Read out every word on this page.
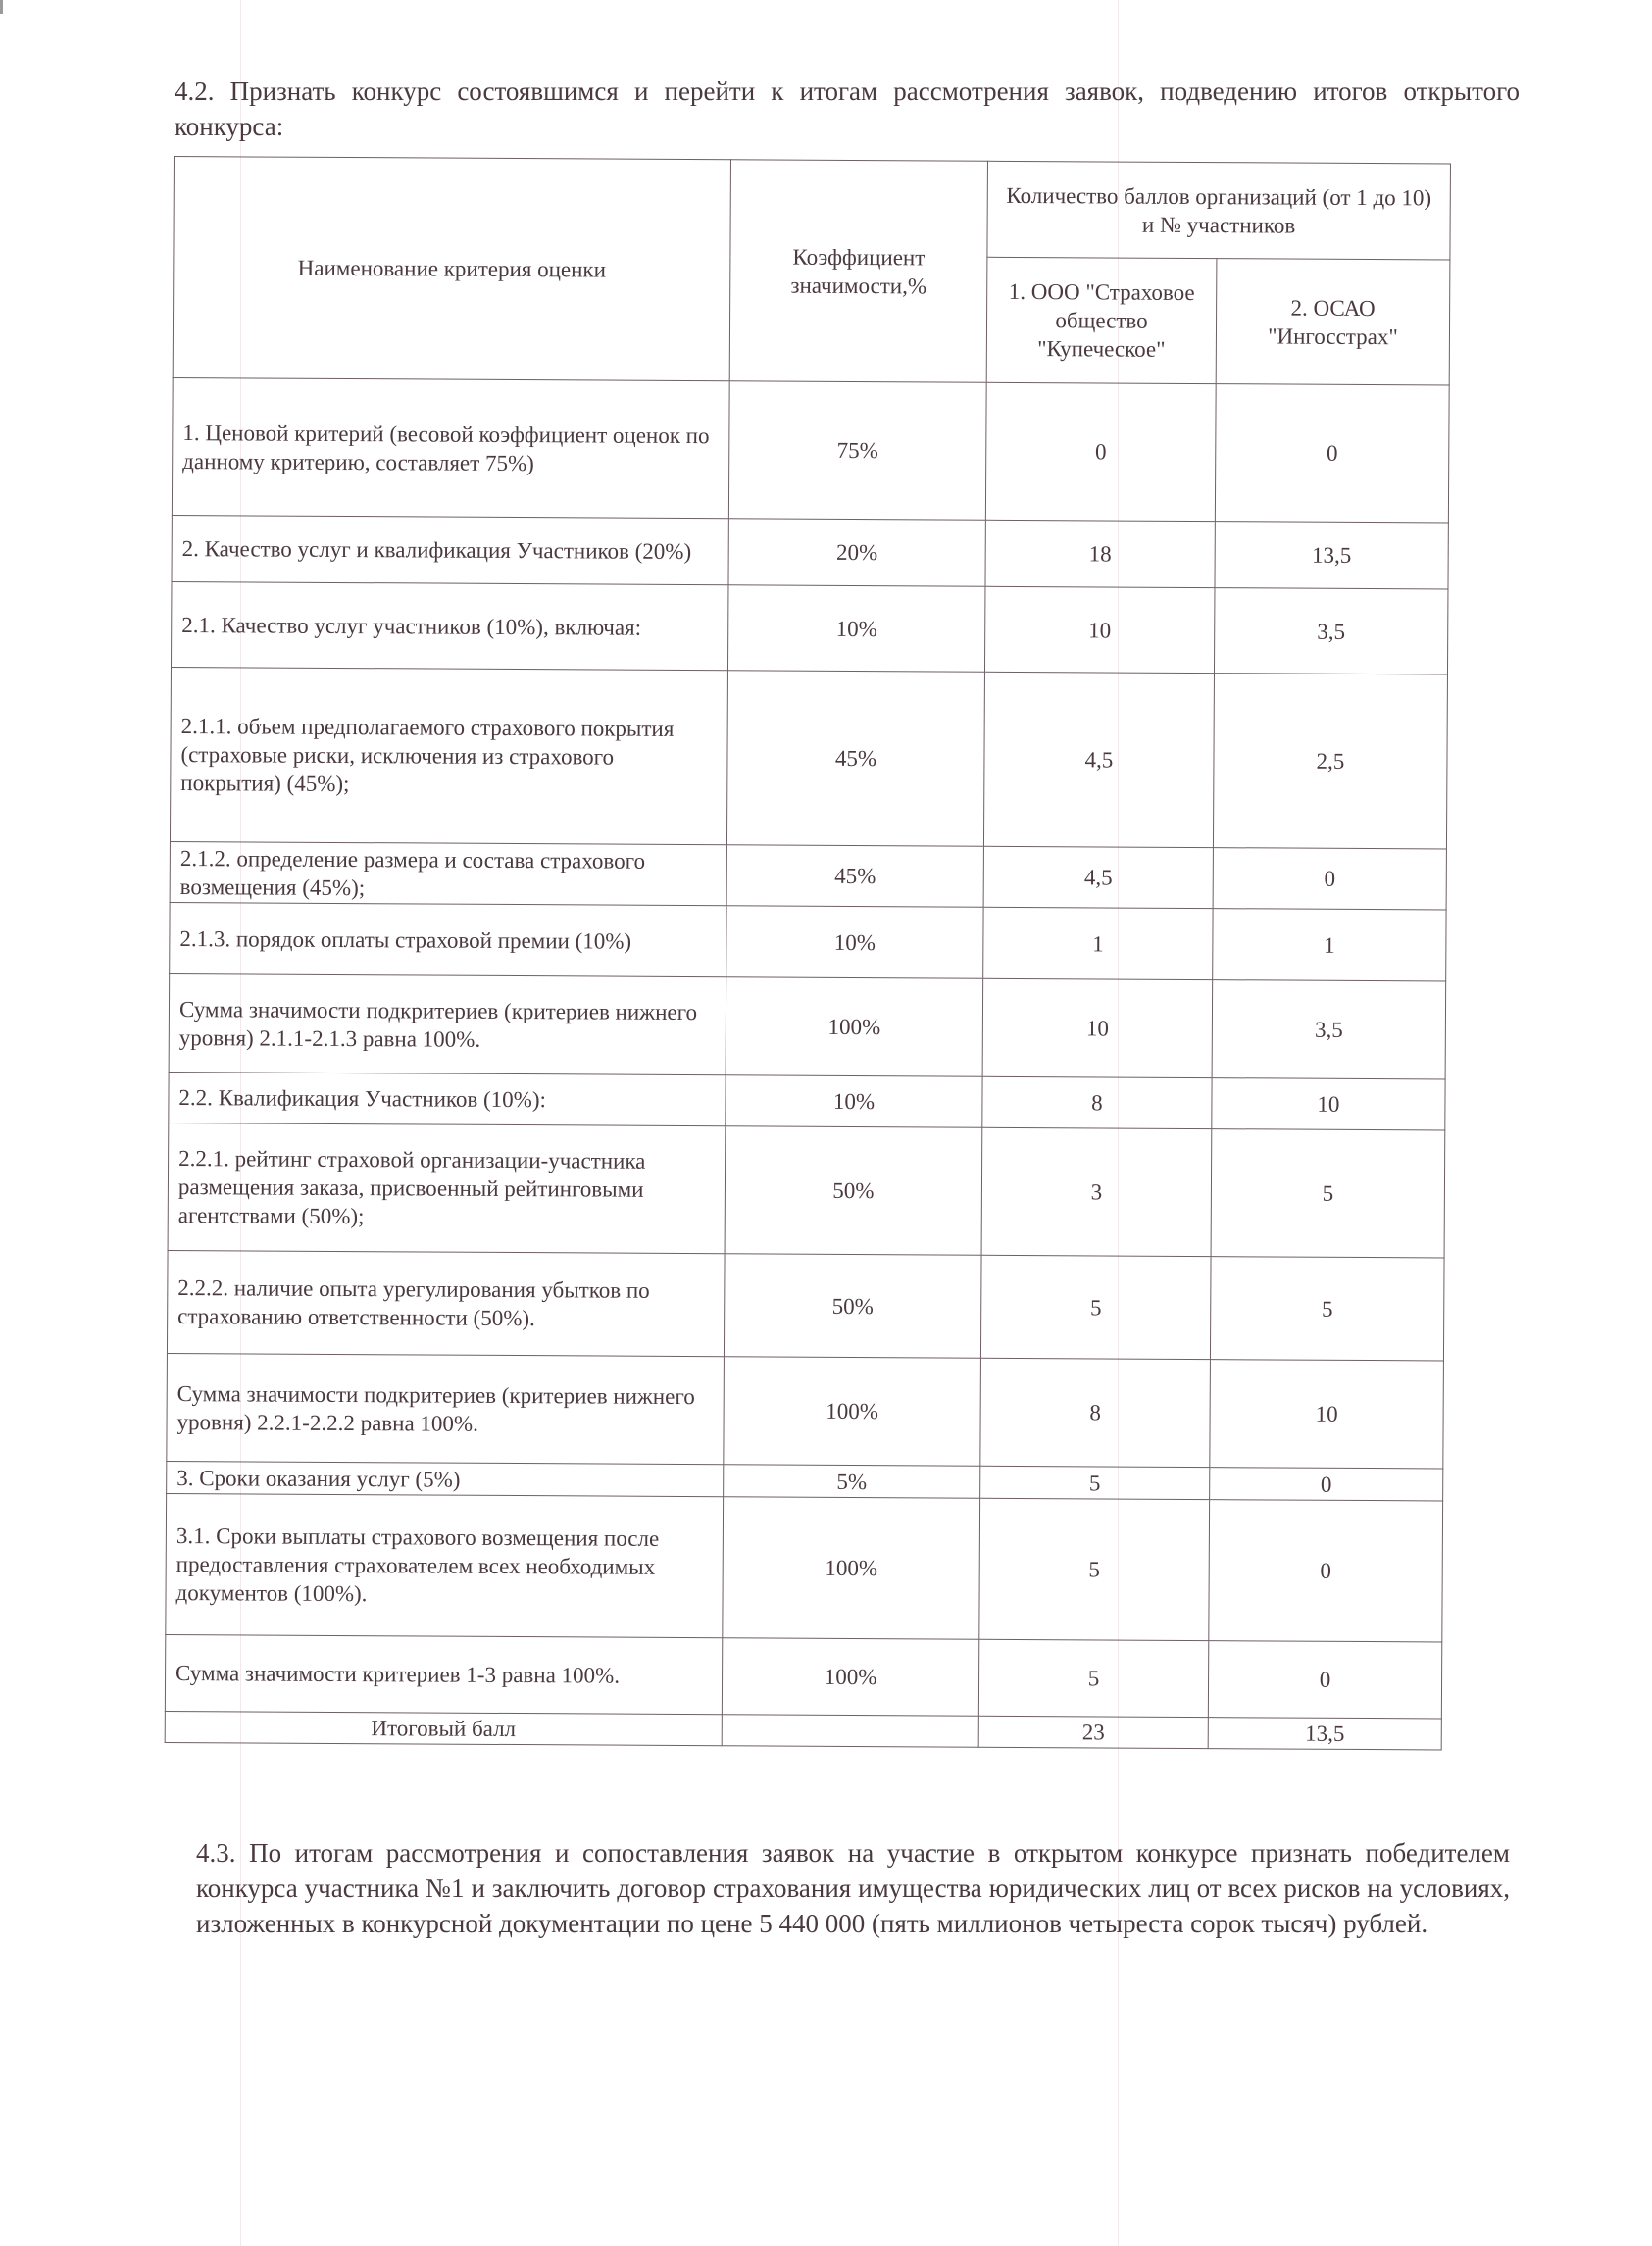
4.2. Признать конкурс состоявшимся и перейти к итогам рассмотрения заявок, подведению итогов открытого конкурса:

Наименование критерия оценки	Коэффициент значимости,%	Количество баллов организаций (от 1 до 10) и № участников	
		1. ООО "Страховое общество "Купеческое"	2. ОСАО "Ингосстрах"
1. Ценовой критерий (весовой коэффициент оценок по данному критерию, составляет 75%)	75%	0	0
2. Качество услуг и квалификация Участников (20%)	20%	18	13,5
2.1. Качество услуг участников (10%), включая:	10%	10	3,5
2.1.1. объем предполагаемого страхового покрытия (страховые риски, исключения из страхового покрытия) (45%);	45%	4,5	2,5
2.1.2. определение размера и состава страхового возмещения (45%);	45%	4,5	0
2.1.3. порядок оплаты страховой премии (10%)	10%	1	1
Сумма значимости подкритериев (критериев нижнего уровня) 2.1.1-2.1.3 равна 100%.	100%	10	3,5
2.2. Квалификация Участников (10%):	10%	8	10
2.2.1. рейтинг страховой организации-участника размещения заказа, присвоенный рейтинговыми агентствами (50%);	50%	3	5
2.2.2. наличие опыта урегулирования убытков по страхованию ответственности (50%).	50%	5	5
Сумма значимости подкритериев (критериев нижнего уровня) 2.2.1-2.2.2 равна 100%.	100%	8	10
3. Сроки оказания услуг (5%)	5%	5	0
3.1. Сроки выплаты страхового возмещения после предоставления страхователем всех необходимых документов (100%).	100%	5	0
Сумма значимости критериев 1-3 равна 100%.	100%	5	0
Итоговый балл		23	13,5

4.3. По итогам рассмотрения и сопоставления заявок на участие в открытом конкурсе признать победителем конкурса участника №1 и заключить договор страхования имущества юридических лиц от всех рисков на условиях, изложенных в конкурсной документации по цене 5 440 000 (пять миллионов четыреста сорок тысяч) рублей.
